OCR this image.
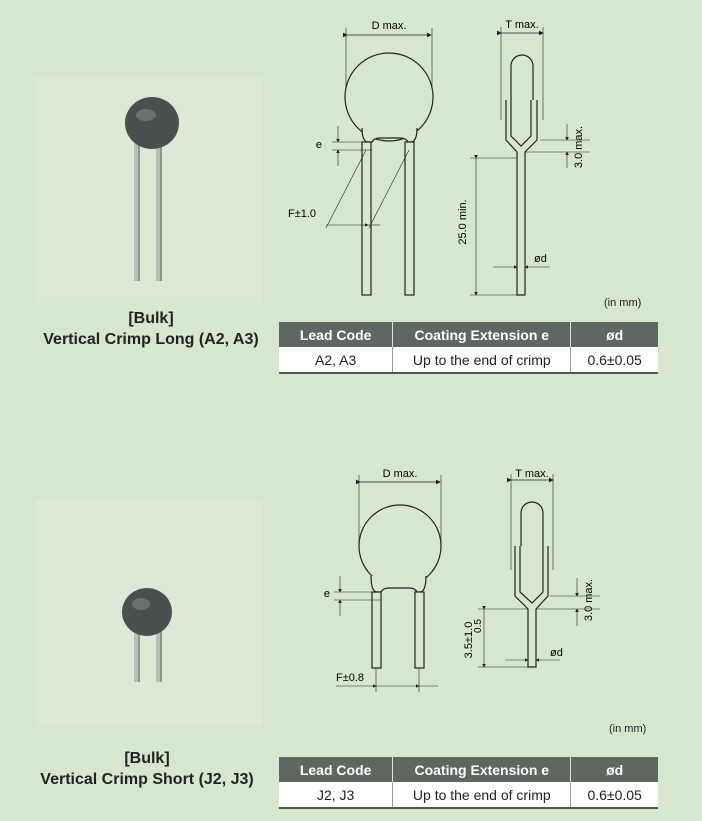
[Bulk]
Vertical Crimp Long (A2, A3)
D max.
e
F±1.0
T max.
3.0 max.
25.0 min.
ød
D max.
e
F±0.8
T max.
3.0 max.
3.5±1.0
0.5
ød
(in mm)
Lead Code	Coating Extension e	ød
A2, A3	Up to the end of crimp	0.6±0.05
[Bulk]
Vertical Crimp Short (J2, J3)
(in mm)
Lead Code	Coating Extension e	ød
J2, J3	Up to the end of crimp	0.6±0.05
